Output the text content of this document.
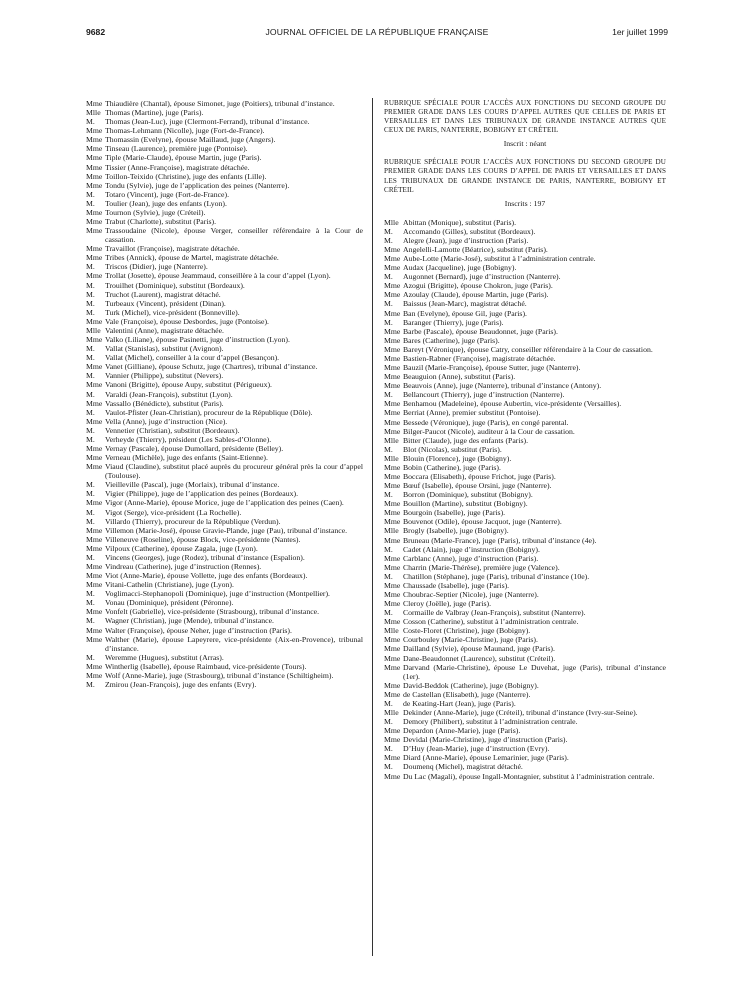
9682	JOURNAL OFFICIEL DE LA RÉPUBLIQUE FRANÇAISE	1er juillet 1999
Mme Thiaudière (Chantal), épouse Simonet, juge (Poitiers), tribunal d’instance.
Mlle Thomas (Martine), juge (Paris).
M. Thomas (Jean-Luc), juge (Clermont-Ferrand), tribunal d’instance.
Mme Thomas-Lehmann (Nicolle), juge (Fort-de-France).
Mme Thomassin (Evelyne), épouse Maillaud, juge (Angers).
Mme Tinseau (Laurence), première juge (Pontoise).
Mme Tiple (Marie-Claude), épouse Martin, juge (Paris).
Mme Tissier (Anne-Françoise), magistrate détachée.
Mme Toillon-Teixido (Christine), juge des enfants (Lille).
Mme Tondu (Sylvie), juge de l’application des peines (Nanterre).
M. Totaro (Vincent), juge (Fort-de-France).
M. Toulier (Jean), juge des enfants (Lyon).
Mme Tournon (Sylvie), juge (Créteil).
Mme Trabut (Charlotte), substitut (Paris).
Mme Trassoudaine (Nicole), épouse Verger, conseiller référendaire à la Cour de cassation.
Mme Travaillot (Françoise), magistrate détachée.
Mme Tribes (Annick), épouse de Martel, magistrate détachée.
M. Triscos (Didier), juge (Nanterre).
Mme Trollat (Josette), épouse Jeammaud, conseillère à la cour d’appel (Lyon).
M. Trouilhet (Dominique), substitut (Bordeaux).
M. Truchot (Laurent), magistrat détaché.
M. Turbeaux (Vincent), président (Dinan).
M. Turk (Michel), vice-président (Bonneville).
Mme Vale (Françoise), épouse Desbordes, juge (Pontoise).
Mlle Valentini (Anne), magistrate détachée.
Mme Valko (Liliane), épouse Pasinetti, juge d’instruction (Lyon).
M. Vallat (Stanislas), substitut (Avignon).
M. Vallat (Michel), conseiller à la cour d’appel (Besançon).
Mme Vanet (Gilliane), épouse Schutz, juge (Chartres), tribunal d’instance.
M. Vannier (Philippe), substitut (Nevers).
Mme Vanoni (Brigitte), épouse Aupy, substitut (Périgueux).
M. Varaldi (Jean-François), substitut (Lyon).
Mme Vassallo (Bénédicte), substitut (Paris).
M. Vaulot-Pfister (Jean-Christian), procureur de la République (Dôle).
Mme Vella (Anne), juge d’instruction (Nice).
M. Vennetier (Christian), substitut (Bordeaux).
M. Verheyde (Thierry), président (Les Sables-d’Olonne).
Mme Vernay (Pascale), épouse Dumollard, présidente (Belley).
Mme Verneau (Michèle), juge des enfants (Saint-Etienne).
Mme Viaud (Claudine), substitut placé auprès du procureur général près la cour d’appel (Toulouse).
M. Vieilleville (Pascal), juge (Morlaix), tribunal d’instance.
M. Vigier (Philippe), juge de l’application des peines (Bordeaux).
Mme Vigor (Anne-Marie), épouse Morice, juge de l’application des peines (Caen).
M. Vigot (Serge), vice-président (La Rochelle).
M. Villardo (Thierry), procureur de la République (Verdun).
Mme Villemon (Marie-José), épouse Gravie-Plande, juge (Pau), tribunal d’instance.
Mme Villeneuve (Roseline), épouse Block, vice-présidente (Nantes).
Mme Vilpoux (Catherine), épouse Zagala, juge (Lyon).
M. Vincens (Georges), juge (Rodez), tribunal d’instance (Espalion).
Mme Vindreau (Catherine), juge d’instruction (Rennes).
Mme Viot (Anne-Marie), épouse Vollette, juge des enfants (Bordeaux).
Mme Vitani-Cathelin (Christiane), juge (Lyon).
M. Voglimacci-Stephanopoli (Dominique), juge d’instruction (Montpellier).
M. Vonau (Dominique), président (Péronne).
Mme Vonfelt (Gabrielle), vice-présidente (Strasbourg), tribunal d’instance.
M. Wagner (Christian), juge (Mende), tribunal d’instance.
Mme Walter (Françoise), épouse Neher, juge d’instruction (Paris).
Mme Walther (Marie), épouse Lapeyrere, vice-présidente (Aix-en-Provence), tribunal d’instance.
M. Weremme (Hugues), substitut (Arras).
Mme Wintherlig (Isabelle), épouse Raimbaud, vice-présidente (Tours).
Mme Wolf (Anne-Marie), juge (Strasbourg), tribunal d’instance (Schiltigheim).
M. Zmirou (Jean-François), juge des enfants (Evry).
RUBRIQUE SPÉCIALE POUR L’ACCÈS AUX FONCTIONS DU SECOND GROUPE DU PREMIER GRADE DANS LES COURS D’APPEL AUTRES QUE CELLES DE PARIS ET VERSAILLES ET DANS LES TRIBUNAUX DE GRANDE INSTANCE AUTRES QUE CEUX DE PARIS, NANTERRE, BOBIGNY ET CRÉTEIL
Inscrit : néant
RUBRIQUE SPÉCIALE POUR L’ACCÈS AUX FONCTIONS DU SECOND GROUPE DU PREMIER GRADE DANS LES COURS D’APPEL DE PARIS ET VERSAILLES ET DANS LES TRIBUNAUX DE GRANDE INSTANCE DE PARIS, NANTERRE, BOBIGNY ET CRÉTEIL
Inscrits : 197
Mlle Abittan (Monique), substitut (Paris).
M. Accomando (Gilles), substitut (Bordeaux).
M. Alegre (Jean), juge d’instruction (Paris).
Mme Angelelli-Lamotte (Béatrice), substitut (Paris).
Mme Aube-Lotte (Marie-José), substitut à l’administration centrale.
Mme Audax (Jacqueline), juge (Bobigny).
M. Augonnet (Bernard), juge d’instruction (Nanterre).
Mme Azogui (Brigitte), épouse Chokron, juge (Paris).
Mme Azoulay (Claude), épouse Martin, juge (Paris).
M. Baissus (Jean-Marc), magistrat détaché.
Mme Ban (Evelyne), épouse Gil, juge (Paris).
M. Baranger (Thierry), juge (Paris).
Mme Barbe (Pascale), épouse Beaudonnet, juge (Paris).
Mme Bares (Catherine), juge (Paris).
Mme Bareyt (Véronique), épouse Catry, conseiller référendaire à la Cour de cassation.
Mme Bastien-Rabner (Françoise), magistrate détachée.
Mme Bauzil (Marie-Françoise), épouse Sutter, juge (Nanterre).
Mme Beauguion (Anne), substitut (Paris).
Mme Beauvois (Anne), juge (Nanterre), tribunal d’instance (Antony).
M. Bellancourt (Thierry), juge d’instruction (Nanterre).
Mme Benhamou (Madeleine), épouse Aubertin, vice-présidente (Versailles).
Mme Berriat (Anne), premier substitut (Pontoise).
Mme Bessede (Véronique), juge (Paris), en congé parental.
Mme Bilger-Paucot (Nicole), auditeur à la Cour de cassation.
Mlle Bitter (Claude), juge des enfants (Paris).
M. Blot (Nicolas), substitut (Paris).
Mlle Blouin (Florence), juge (Bobigny).
Mme Bobin (Catherine), juge (Paris).
Mme Boccara (Elisabeth), épouse Frichot, juge (Paris).
Mme Bœuf (Isabelle), épouse Orsini, juge (Nanterre).
M. Borron (Dominique), substitut (Bobigny).
Mme Bouillon (Martine), substitut (Bobigny).
Mme Bourgoin (Isabelle), juge (Paris).
Mme Bouvenot (Odile), épouse Jacquot, juge (Nanterre).
Mlle Brogly (Isabelle), juge (Bobigny).
Mme Bruneau (Marie-France), juge (Paris), tribunal d’instance (4e).
M. Cadet (Alain), juge d’instruction (Bobigny).
Mme Carblanc (Anne), juge d’instruction (Paris).
Mme Charrin (Marie-Thérèse), première juge (Valence).
M. Chatillon (Stéphane), juge (Paris), tribunal d’instance (10e).
Mme Chaussade (Isabelle), juge (Paris).
Mme Choubrac-Septier (Nicole), juge (Nanterre).
Mme Cleroy (Joëlle), juge (Paris).
M. Cormaille de Valbray (Jean-François), substitut (Nanterre).
Mme Cosson (Catherine), substitut à l’administration centrale.
Mlle Coste-Floret (Christine), juge (Bobigny).
Mme Courbouley (Marie-Christine), juge (Paris).
Mme Dailland (Sylvie), épouse Maunand, juge (Paris).
Mme Dane-Beaudonnet (Laurence), substitut (Créteil).
Mme Darvand (Marie-Christine), épouse Le Duvehat, juge (Paris), tribunal d’instance (1er).
Mme David-Beddok (Catherine), juge (Bobigny).
Mme de Castellan (Elisabeth), juge (Nanterre).
M. de Keating-Hart (Jean), juge (Paris).
Mlle Dekinder (Anne-Marie), juge (Créteil), tribunal d’instance (Ivry-sur-Seine).
M. Demory (Philibert), substitut à l’administration centrale.
Mme Depardon (Anne-Marie), juge (Paris).
Mme Devidal (Marie-Christine), juge d’instruction (Paris).
M. D’Huy (Jean-Marie), juge d’instruction (Evry).
Mme Diard (Anne-Marie), épouse Lemarinier, juge (Paris).
M. Doumenq (Michel), magistrat détaché.
Mme Du Lac (Magali), épouse Ingall-Montagnier, substitut à l’administration centrale.
